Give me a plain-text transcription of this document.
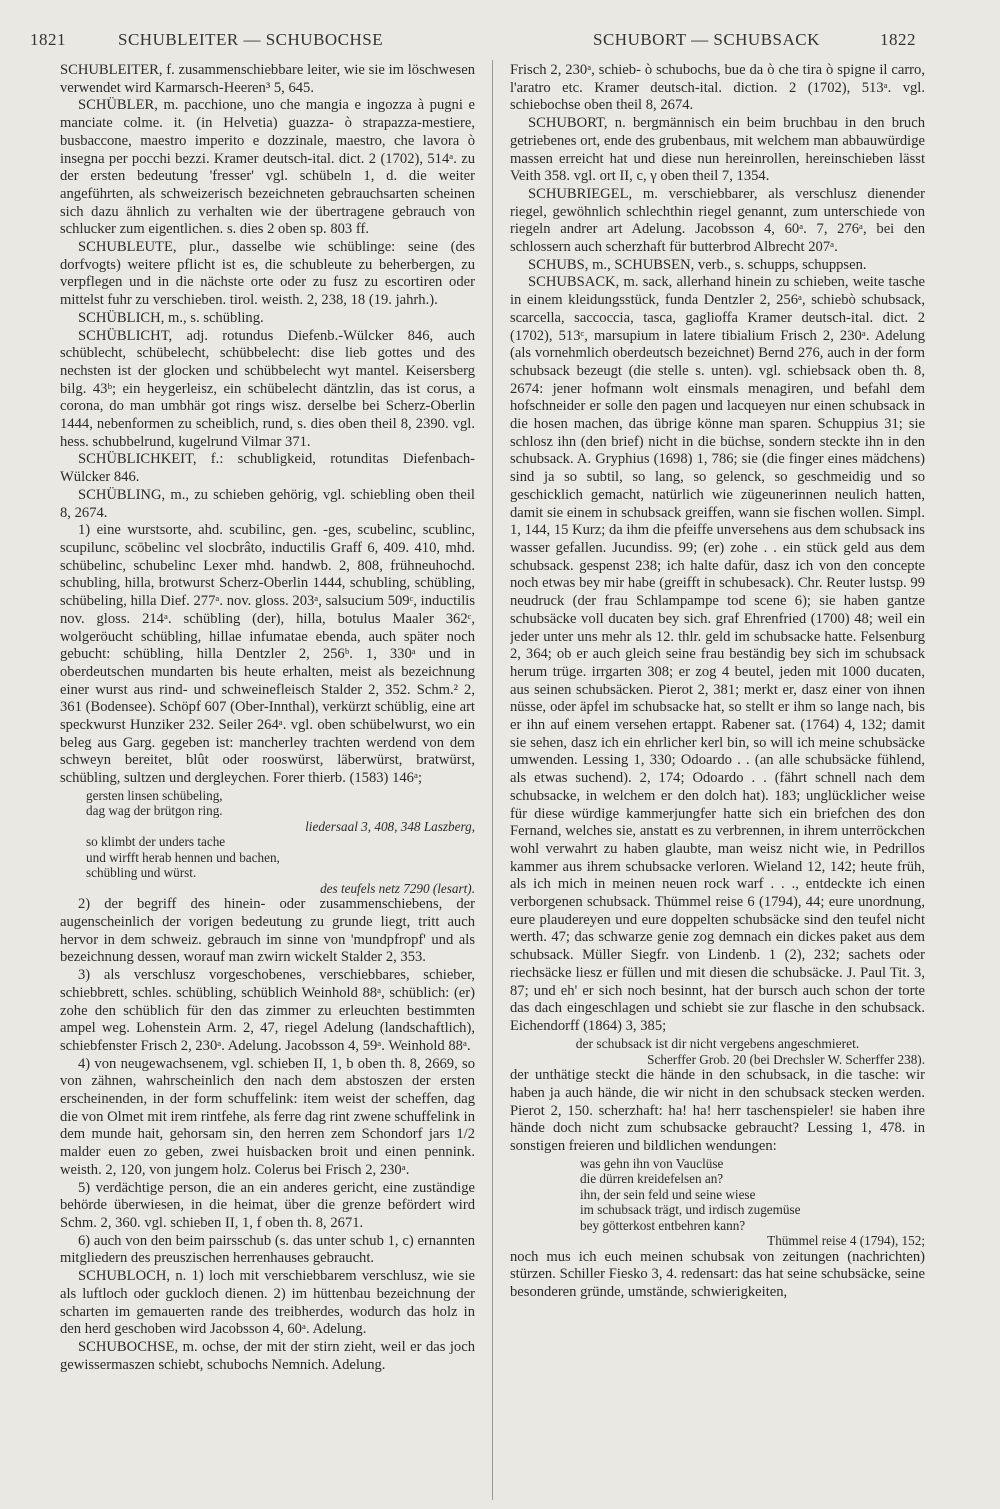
1821	SCHUBLEITER — SCHUBOCHSE	SCHUBORT — SCHUBSACK	1822

SCHUBLEITER, f. zusammenschiebbare leiter, wie sie im löschwesen verwendet wird Karmarsch-Heeren³ 5, 645.

SCHÜBLER, m. pacchione, uno che mangia e ingozza à pugni e manciate colme. it. (in Helvetia) guazza- ò strapazza-mestiere, busbaccone, maestro imperito e dozzinale, maestro, che lavora ò insegna per pocchi bezzi. Kramer deutsch-ital. dict. 2 (1702), 514ᵃ. zu der ersten bedeutung 'fresser' vgl. schübeln 1, d. die weiter angeführten, als schweizerisch bezeichneten gebrauchsarten scheinen sich dazu ähnlich zu verhalten wie der übertragene gebrauch von schlucker zum eigentlichen. s. dies 2 oben sp. 803 ff.

SCHUBLEUTE, plur., dasselbe wie schüblinge: seine (des dorfvogts) weitere pflicht ist es, die schubleute zu beherbergen, zu verpflegen und in die nächste orte oder zu fusz zu escortiren oder mittelst fuhr zu verschieben. tirol. weisth. 2, 238, 18 (19. jahrh.).

SCHÜBLICH, m., s. schübling.

SCHÜBLICHT, adj. rotundus Diefenb.-Wülcker 846, auch schüblecht, schübelecht, schübbelecht: dise lieb gottes und des nechsten ist der glocken und schübbelecht wyt mantel. Keisersberg bilg. 43ᵇ; ein heygerleisz, ein schübelecht däntzlin, das ist corus, a corona, do man umbhär got rings wisz. derselbe bei Scherz-Oberlin 1444, nebenformen zu scheiblich, rund, s. dies oben theil 8, 2390. vgl. hess. schubbelrund, kugelrund Vilmar 371.

SCHÜBLICHKEIT, f.: schubligkeid, rotunditas Diefenbach-Wülcker 846.

SCHÜBLING, m., zu schieben gehörig, vgl. schiebling oben theil 8, 2674.

1) eine wurstsorte, ahd. scubilinc, gen. -ges, scubelinc, scublinc, scupilunc, scōbelinc vel slocbrâto, inductilis Graff 6, 409. 410, mhd. schübelinc, schubelinc Lexer mhd. handwb. 2, 808, frühneuhochd. schubling, hilla, brotwurst Scherz-Oberlin 1444, schubling, schübling, schübeling, hilla Dief. 277ᵃ. nov. gloss. 203ᵃ, salsucium 509ᶜ, inductilis nov. gloss. 214ᵃ. schübling (der), hilla, botulus Maaler 362ᶜ, wolgeröucht schübling, hillae infumatae ebenda, auch später noch gebucht: schübling, hilla Dentzler 2, 256ᵇ. 1, 330ᵃ und in oberdeutschen mundarten bis heute erhalten, meist als bezeichnung einer wurst aus rind- und schweinefleisch Stalder 2, 352. Schm.² 2, 361 (Bodensee). Schöpf 607 (Ober-Innthal), verkürzt schüblig, eine art speckwurst Hunziker 232. Seiler 264ᵃ. vgl. oben schübelwurst, wo ein beleg aus Garg. gegeben ist: mancherley trachten werdend von dem schweyn bereitet, blût oder rooswürst, läberwürst, bratwürst, schübling, sultzen und dergleychen. Forer thierb. (1583) 146ᵃ;

gersten linsen schübeling,
dag wag der brütgon ring.

liedersaal 3, 408, 348 Laszberg,

so klimbt der unders tache
und wirfft herab hennen und bachen,
schübling und würst.

des teufels netz 7290 (lesart).

2) der begriff des hinein- oder zusammenschiebens, der augenscheinlich der vorigen bedeutung zu grunde liegt, tritt auch hervor in dem schweiz. gebrauch im sinne von 'mundpfropf' und als bezeichnung dessen, worauf man zwirn wickelt Stalder 2, 353.

3) als verschlusz vorgeschobenes, verschiebbares, schieber, schiebbrett, schles. schübling, schüblich Weinhold 88ᵃ, schüblich: (er) zohe den schüblich für den das zimmer zu erleuchten bestimmten ampel weg. Lohenstein Arm. 2, 47, riegel Adelung (landschaftlich), schiebfenster Frisch 2, 230ᵃ. Adelung. Jacobsson 4, 59ᵃ. Weinhold 88ᵃ.

4) von neugewachsenem, vgl. schieben II, 1, b oben th. 8, 2669, so von zähnen, wahrscheinlich den nach dem abstoszen der ersten erscheinenden, in der form schuffelink: item weist der scheffen, dag die von Olmet mit irem rintfehe, als ferre dag rint zwene schuffelink in dem munde hait, gehorsam sin, den herren zem Schondorf jars 1/2 malder euen zo geben, zwei huisbacken broit und einen pennink. weisth. 2, 120, von jungem holz. Colerus bei Frisch 2, 230ᵃ.

5) verdächtige person, die an ein anderes gericht, eine zuständige behörde überwiesen, in die heimat, über die grenze befördert wird Schm. 2, 360. vgl. schieben II, 1, f oben th. 8, 2671.

6) auch von den beim pairsschub (s. das unter schub 1, c) ernannten mitgliedern des preuszischen herrenhauses gebraucht.

SCHUBLOCH, n. 1) loch mit verschiebbarem verschlusz, wie sie als luftloch oder guckloch dienen. 2) im hüttenbau bezeichnung der scharten im gemauerten rande des treibherdes, wodurch das holz in den herd geschoben wird Jacobsson 4, 60ᵃ. Adelung.

SCHUBOCHSE, m. ochse, der mit der stirn zieht, weil er das joch gewissermaszen schiebt, schubochs Nemnich. Adelung.

Frisch 2, 230ᵃ, schieb- ò schubochs, bue da ò che tira ò spigne il carro, l'aratro etc. Kramer deutsch-ital. diction. 2 (1702), 513ᵃ. vgl. schiebochse oben theil 8, 2674.

SCHUBORT, n. bergmännisch ein beim bruchbau in den bruch getriebenes ort, ende des grubenbaus, mit welchem man abbauwürdige massen erreicht hat und diese nun hereinrollen, hereinschieben lässt Veith 358. vgl. ort II, c, γ oben theil 7, 1354.

SCHUBRIEGEL, m. verschiebbarer, als verschlusz dienender riegel, gewöhnlich schlechthin riegel genannt, zum unterschiede von riegeln andrer art Adelung. Jacobsson 4, 60ᵃ. 7, 276ᵃ, bei den schlossern auch scherzhaft für butterbrod Albrecht 207ᵃ.

SCHUBS, m., SCHUBSEN, verb., s. schupps, schuppsen.

SCHUBSACK, m. sack, allerhand hinein zu schieben, weite tasche in einem kleidungsstück, funda Dentzler 2, 256ᵃ, schiebò schubsack, scarcella, saccoccia, tasca, gaglioffa Kramer deutsch-ital. dict. 2 (1702), 513ᶜ, marsupium in latere tibialium Frisch 2, 230ᵃ. Adelung (als vornehmlich oberdeutsch bezeichnet) Bernd 276, auch in der form schubsack bezeugt (die stelle s. unten). vgl. schiebsack oben th. 8, 2674: jener hofmann wolt einsmals menagiren, und befahl dem hofschneider er solle den pagen und lacqueyen nur einen schubsack in die hosen machen, das übrige könne man sparen. Schuppius 31; sie schlosz ihn (den brief) nicht in die büchse, sondern steckte ihn in den schubsack. A. Gryphius (1698) 1, 786; sie (die finger eines mädchens) sind ja so subtil, so lang, so gelenck, so geschmeidig und so geschicklich gemacht, natürlich wie zügeunerinnen neulich hatten, damit sie einem in schubsack greiffen, wann sie fischen wollen. Simpl. 1, 144, 15 Kurz; da ihm die pfeiffe unversehens aus dem schubsack ins wasser gefallen. Jucundiss. 99; (er) zohe . . ein stück geld aus dem schubsack. gespenst 238; ich halte dafür, dasz ich von den concepte noch etwas bey mir habe (greifft in schubesack). Chr. Reuter lustsp. 99 neudruck (der frau Schlampampe tod scene 6); sie haben gantze schubsäcke voll ducaten bey sich. graf Ehrenfried (1700) 48; weil ein jeder unter uns mehr als 12. thlr. geld im schubsacke hatte. Felsenburg 2, 364; ob er auch gleich seine frau beständig bey sich im schubsack herum trüge. irrgarten 308; er zog 4 beutel, jeden mit 1000 ducaten, aus seinen schubsäcken. Pierot 2, 381; merkt er, dasz einer von ihnen nüsse, oder äpfel im schubsacke hat, so stellt er ihm so lange nach, bis er ihn auf einem versehen ertappt. Rabener sat. (1764) 4, 132; damit sie sehen, dasz ich ein ehrlicher kerl bin, so will ich meine schubsäcke umwenden. Lessing 1, 330; Odoardo . . (an alle schubsäcke fühlend, als etwas suchend). 2, 174; Odoardo . . (fährt schnell nach dem schubsacke, in welchem er den dolch hat). 183; unglücklicher weise für diese würdige kammerjungfer hatte sich ein briefchen des don Fernand, welches sie, anstatt es zu verbrennen, in ihrem unterröckchen wohl verwahrt zu haben glaubte, man weisz nicht wie, in Pedrillos kammer aus ihrem schubsacke verloren. Wieland 12, 142; heute früh, als ich mich in meinen neuen rock warf . . ., entdeckte ich einen verborgenen schubsack. Thümmel reise 6 (1794), 44; eure unordnung, eure plaudereyen und eure doppelten schubsäcke sind den teufel nicht werth. 47; das schwarze genie zog demnach ein dickes paket aus dem schubsack. Müller Siegfr. von Lindenb. 1 (2), 232; sachets oder riechsäcke liesz er füllen und mit diesen die schubsäcke. J. Paul Tit. 3, 87; und eh' er sich noch besinnt, hat der bursch auch schon der torte das dach eingeschlagen und schiebt sie zur flasche in den schubsack. Eichendorff (1864) 3, 385;

der schubsack ist dir nicht vergebens angeschmieret.

Scherffer Grob. 20 (bei Drechsler W. Scherffer 238).

der unthätige steckt die hände in den schubsack, in die tasche: wir haben ja auch hände, die wir nicht in den schubsack stecken werden. Pierot 2, 150. scherzhaft: ha! ha! herr taschenspieler! sie haben ihre hände doch nicht zum schubsacke gebraucht? Lessing 1, 478. in sonstigen freieren und bildlichen wendungen:

was gehn ihn von Vauclüse
die dürren kreidefelsen an?
ihn, der sein feld und seine wiese
im schubsack trägt, und irdisch zugemüse
bey götterkost entbehren kann?

Thümmel reise 4 (1794), 152;

noch mus ich euch meinen schubsak von zeitungen (nachrichten) stürzen. Schiller Fiesko 3, 4. redensart: das hat seine schubsäcke, seine besonderen gründe, umstände, schwierigkeiten,
